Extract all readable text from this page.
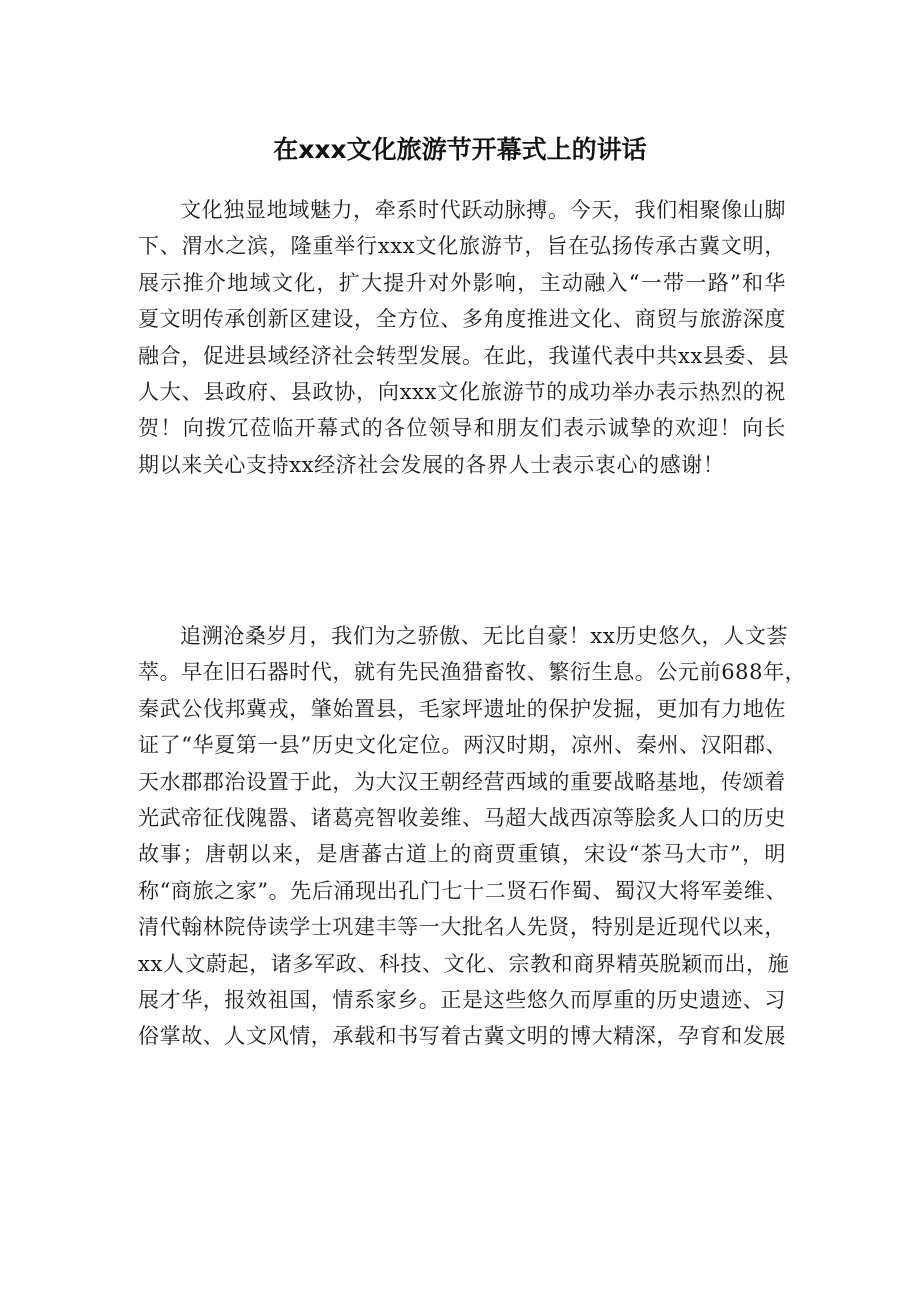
在xxx文化旅游节开幕式上的讲话
文化独显地域魅力，牵系时代跃动脉搏。今天，我们相聚像山脚
下、渭水之滨，隆重举行xxx文化旅游节，旨在弘扬传承古冀文明，
展示推介地域文化，扩大提升对外影响，主动融入“一带一路”和华
夏文明传承创新区建设，全方位、多角度推进文化、商贸与旅游深度
融合，促进县域经济社会转型发展。在此，我谨代表中共xx县委、县
人大、县政府、县政协，向xxx文化旅游节的成功举办表示热烈的祝
贺！向拨冗莅临开幕式的各位领导和朋友们表示诚挚的欢迎！向长
期以来关心支持xx经济社会发展的各界人士表示衷心的感谢！
追溯沧桑岁月，我们为之骄傲、无比自豪！xx历史悠久，人文荟
萃。早在旧石器时代，就有先民渔猎畜牧、繁衍生息。公元前688年，
秦武公伐邦冀戎，肇始置县，毛家坪遗址的保护发掘，更加有力地佐
证了“华夏第一县”历史文化定位。两汉时期，凉州、秦州、汉阳郡、
天水郡郡治设置于此，为大汉王朝经营西域的重要战略基地，传颂着
光武帝征伐隗嚣、诸葛亮智收姜维、马超大战西凉等脍炙人口的历史
故事；唐朝以来，是唐蕃古道上的商贾重镇，宋设“茶马大市”，明
称“商旅之家”。先后涌现出孔门七十二贤石作蜀、蜀汉大将军姜维、
清代翰林院侍读学士巩建丰等一大批名人先贤，特别是近现代以来，
xx人文蔚起，诸多军政、科技、文化、宗教和商界精英脱颖而出，施
展才华，报效祖国，情系家乡。正是这些悠久而厚重的历史遗迹、习
俗掌故、人文风情，承载和书写着古冀文明的博大精深，孕育和发展
